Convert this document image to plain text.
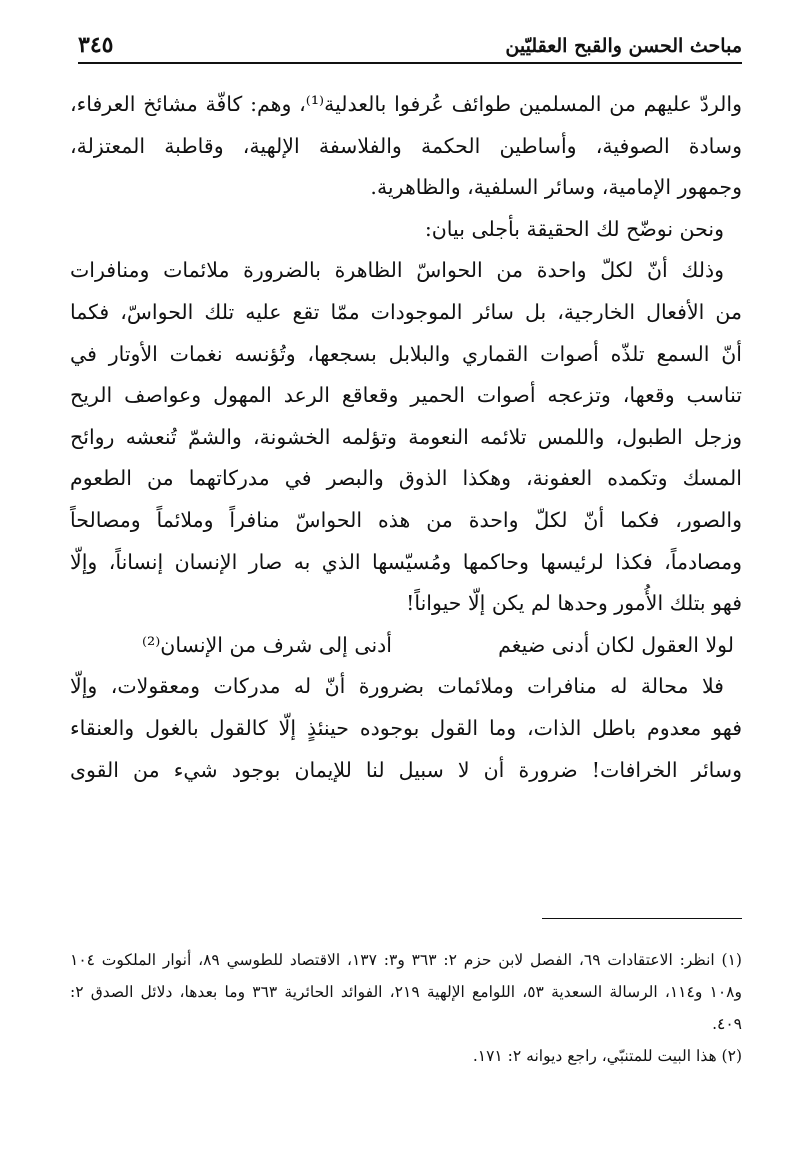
مباحث الحسن والقبح العقليّين
٣٤٥
والردّ عليهم من المسلمين طوائف عُرفوا بالعدلية⁽¹⁾، وهم: كافّة مشائخ العرفاء،
وسادة الصوفية، وأساطين الحكمة والفلاسفة الإلهية، وقاطبة المعتزلة،
وجمهور الإمامية، وسائر السلفية، والظاهرية.
ونحن نوضّح لك الحقيقة بأجلى بيان:
وذلك أنّ لكلّ واحدة من الحواسّ الظاهرة بالضرورة ملائمات ومنافرات
من الأفعال الخارجية، بل سائر الموجودات ممّا تقع عليه تلك الحواسّ، فكما
أنّ السمع تلذّه أصوات القماري والبلابل بسجعها، وتُؤنسه نغمات الأوتار في
تناسب وقعها، وتزعجه أصوات الحمير وقعاقع الرعد المهول وعواصف الريح
وزجل الطبول، واللمس تلائمه النعومة وتؤلمه الخشونة، والشمّ تُنعشه روائح
المسك وتكمده العفونة، وهكذا الذوق والبصر في مدركاتهما من الطعوم
والصور، فكما أنّ لكلّ واحدة من هذه الحواسّ منافراً وملائماً ومصالحاً
ومصادماً، فكذا لرئيسها وحاكمها ومُسيّسها الذي به صار الإنسان إنساناً، وإلّا
فهو بتلك الأُمور وحدها لم يكن إلّا حيواناً!
لولا العقول لكان أدنى ضيغم
أدنى إلى شرف من الإنسان⁽²⁾
فلا محالة له منافرات وملائمات بضرورة أنّ له مدركات ومعقولات، وإلّا
فهو معدوم باطل الذات، وما القول بوجوده حينئذٍ إلّا كالقول بالغول والعنقاء
وسائر الخرافات! ضرورة أن لا سبيل لنا للإيمان بوجود شيء من القوى
(١) انظر: الاعتقادات ٦٩، الفصل لابن حزم ٢: ٣٦٣ و٣: ١٣٧، الاقتصاد للطوسي ٨٩، أنوار الملكوت ١٠٤
و١٠٨ و١١٤، الرسالة السعدية ٥٣، اللوامع الإلهية ٢١٩، الفوائد الحائرية ٣٦٣ وما بعدها، دلائل الصدق ٢:
٤٠٩.
(٢) هذا البيت للمتنبّي، راجع ديوانه ٢: ١٧١.
